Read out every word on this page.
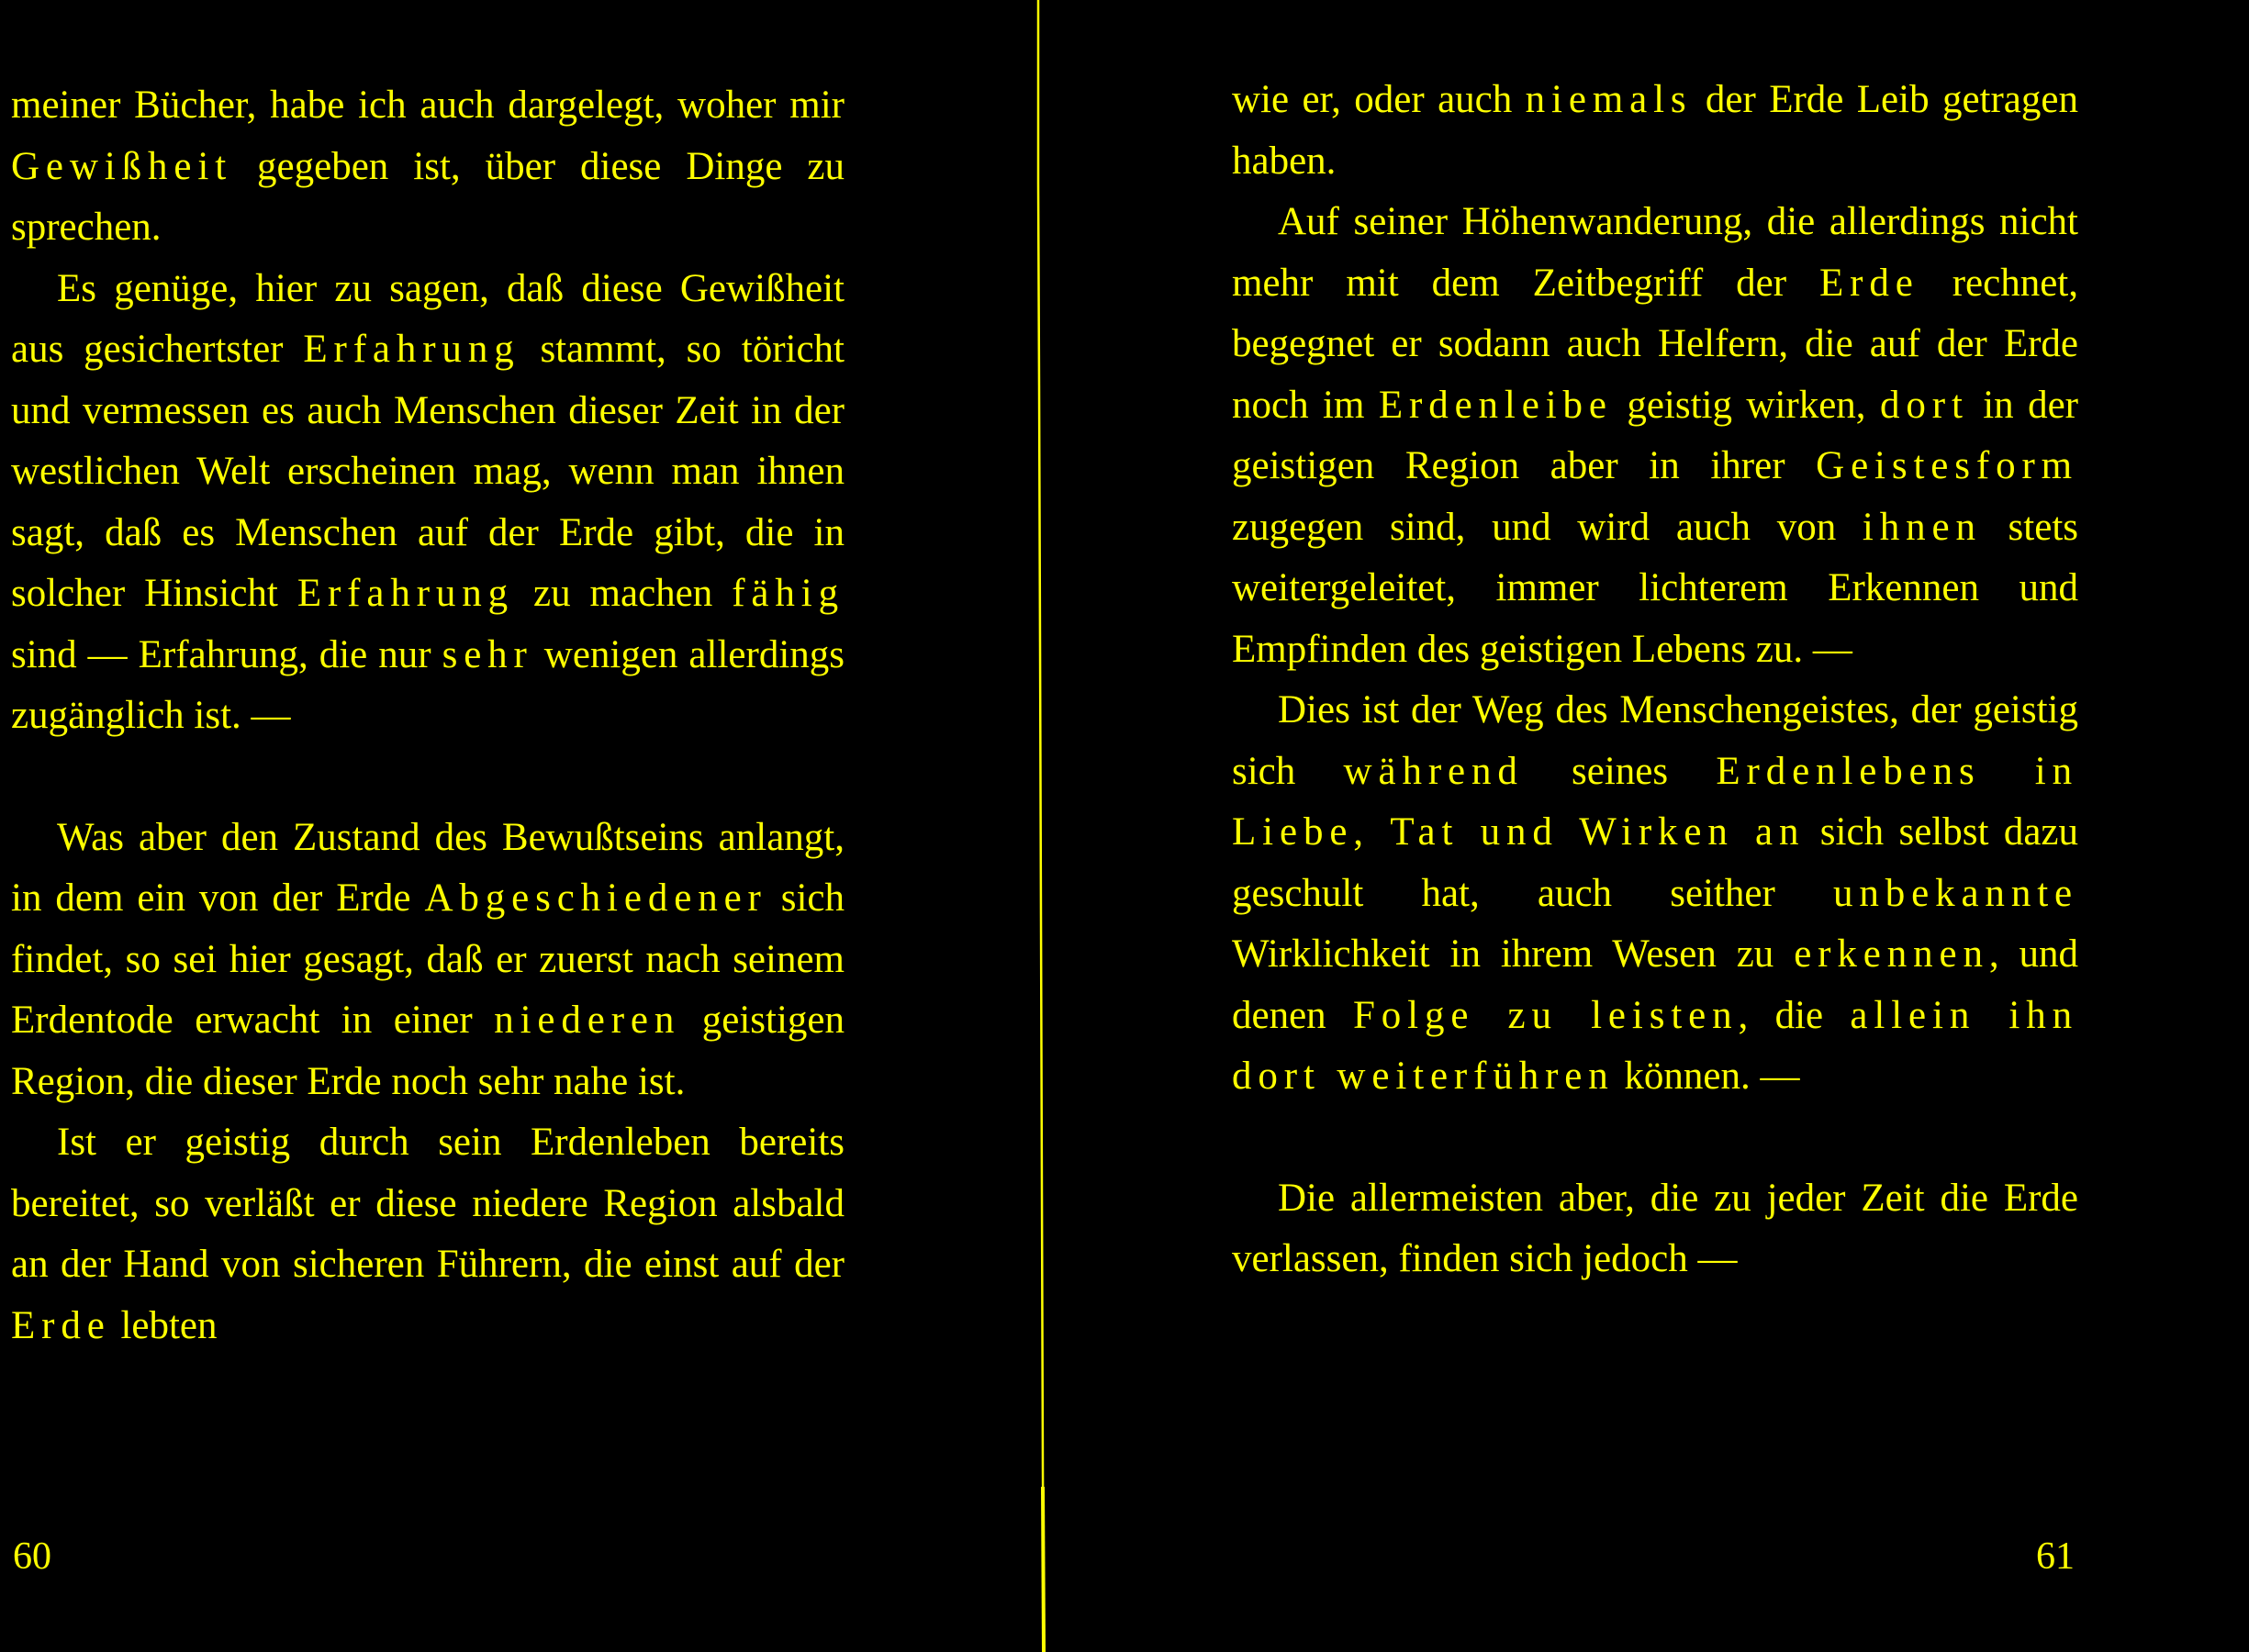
meiner Bücher, habe ich auch dargelegt, woher mir Gewißheit gegeben ist, über diese Dinge zu sprechen.

Es genüge, hier zu sagen, daß diese Gewißheit aus gesichertster Erfahrung stammt, so töricht und vermessen es auch Menschen dieser Zeit in der westlichen Welt erscheinen mag, wenn man ihnen sagt, daß es Menschen auf der Erde gibt, die in solcher Hinsicht Erfahrung zu machen fähig sind — Erfahrung, die nur sehr wenigen allerdings zugänglich ist. —

Was aber den Zustand des Bewußtseins anlangt, in dem ein von der Erde Abgeschiedener sich findet, so sei hier gesagt, daß er zuerst nach seinem Erdentode erwacht in einer niederen geistigen Region, die dieser Erde noch sehr nahe ist.

Ist er geistig durch sein Erdenleben bereits bereitet, so verläßt er diese niedere Region alsbald an der Hand von sicheren Führern, die einst auf der Erde lebten

60

wie er, oder auch niemals der Erde Leib getragen haben.

Auf seiner Höhenwanderung, die allerdings nicht mehr mit dem Zeitbegriff der Erde rechnet, begegnet er sodann auch Helfern, die auf der Erde noch im Erdenleibe geistig wirken, dort in der geistigen Region aber in ihrer Geistesform zugegen sind, und wird auch von ihnen stets weitergeleitet, immer lichterem Erkennen und Empfinden des geistigen Lebens zu. —

Dies ist der Weg des Menschengeistes, der geistig sich während seines Erdenlebens in Liebe, Tat und Wirken an sich selbst dazu geschult hat, auch seither unbekannte Wirklichkeit in ihrem Wesen zu erkennen, und denen Folge zu leisten, die allein ihn dort weiterführen können. —

Die allermeisten aber, die zu jeder Zeit die Erde verlassen, finden sich jedoch —

61
